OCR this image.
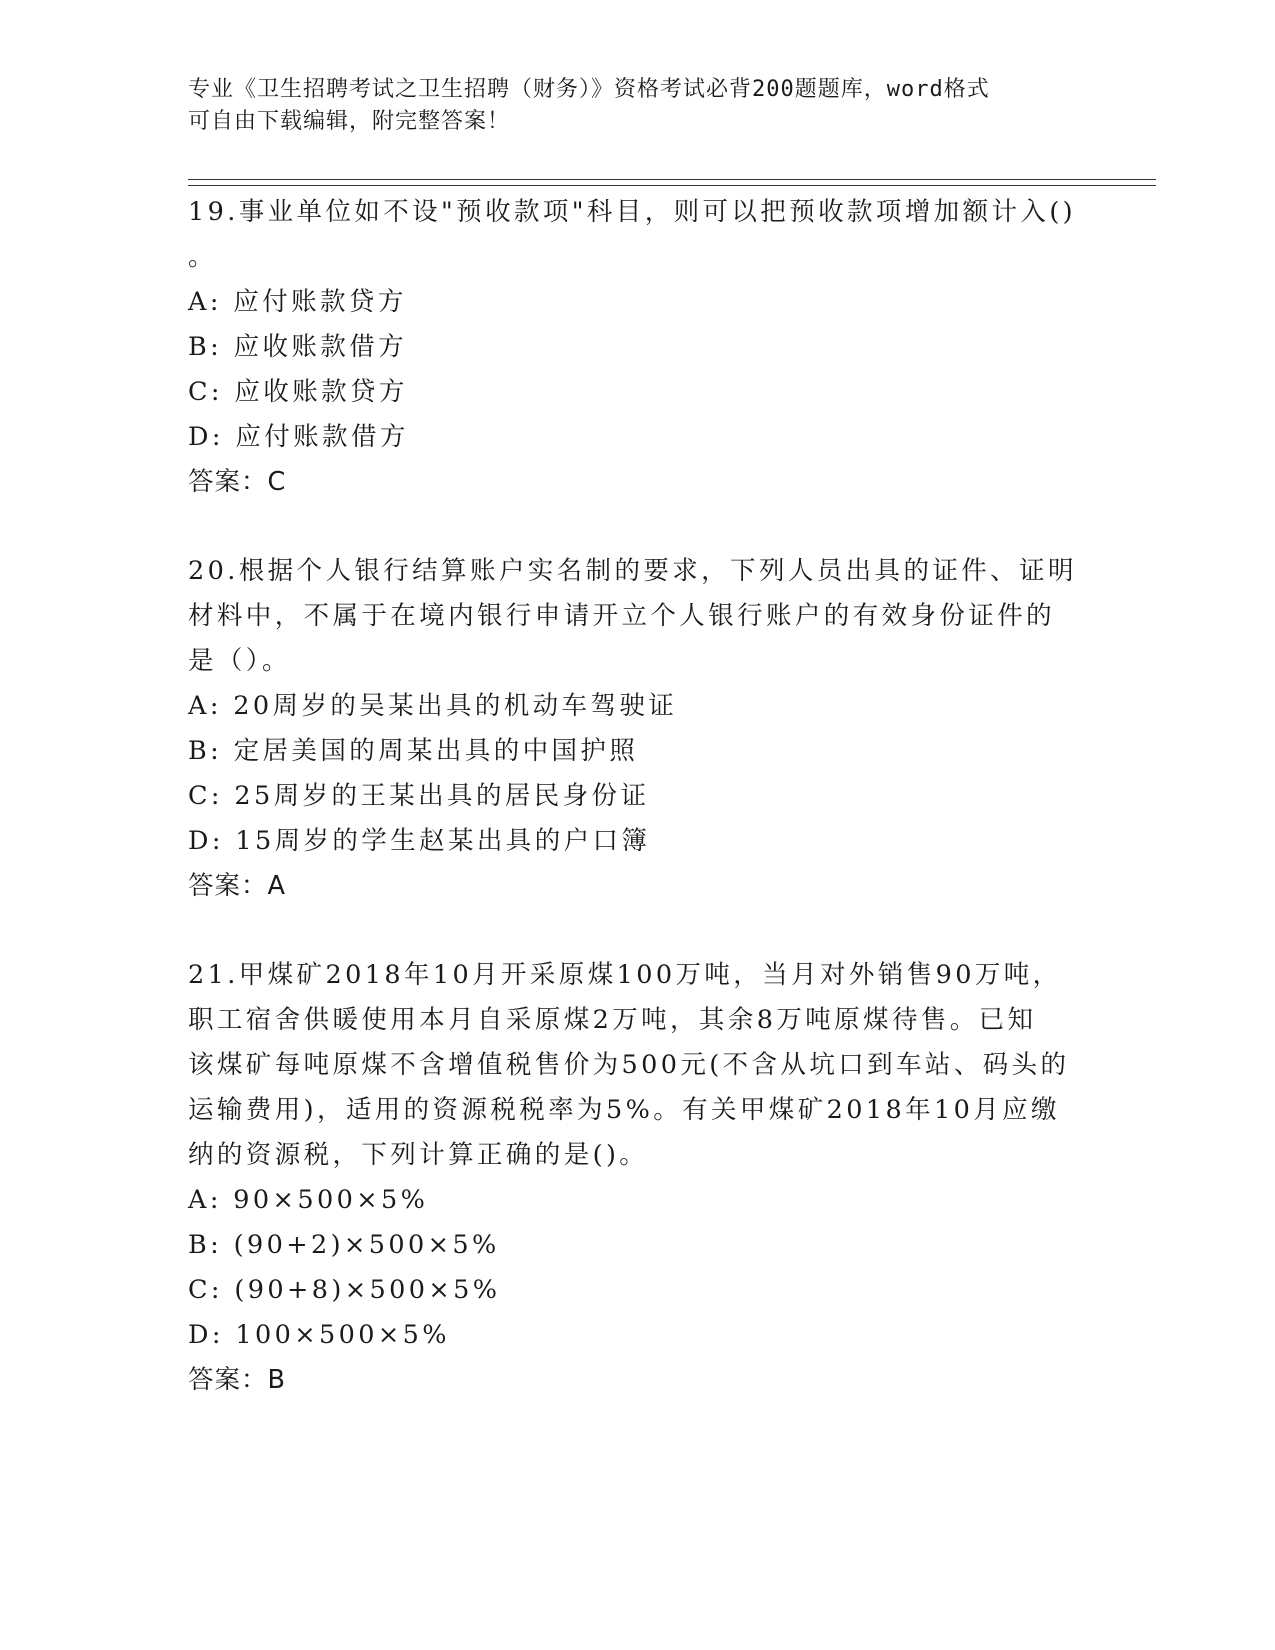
专业《卫生招聘考试之卫生招聘（财务）》资格考试必背200题题库，word格式
可自由下载编辑，附完整答案！
19.事业单位如不设"预收款项"科目，则可以把预收款项增加额计入()
。
A: 应付账款贷方
B: 应收账款借方
C: 应收账款贷方
D: 应付账款借方
答案：C
20.根据个人银行结算账户实名制的要求，下列人员出具的证件、证明
材料中，不属于在境内银行申请开立个人银行账户的有效身份证件的
是（）。
A: 20周岁的吴某出具的机动车驾驶证
B: 定居美国的周某出具的中国护照
C: 25周岁的王某出具的居民身份证
D: 15周岁的学生赵某出具的户口簿
答案：A
21.甲煤矿2018年10月开采原煤100万吨，当月对外销售90万吨，
职工宿舍供暖使用本月自采原煤2万吨，其余8万吨原煤待售。已知
该煤矿每吨原煤不含增值税售价为500元(不含从坑口到车站、码头的
运输费用)，适用的资源税税率为5%。有关甲煤矿2018年10月应缴
纳的资源税，下列计算正确的是()。
A: 90×500×5%
B: (90+2)×500×5%
C: (90+8)×500×5%
D: 100×500×5%
答案：B
